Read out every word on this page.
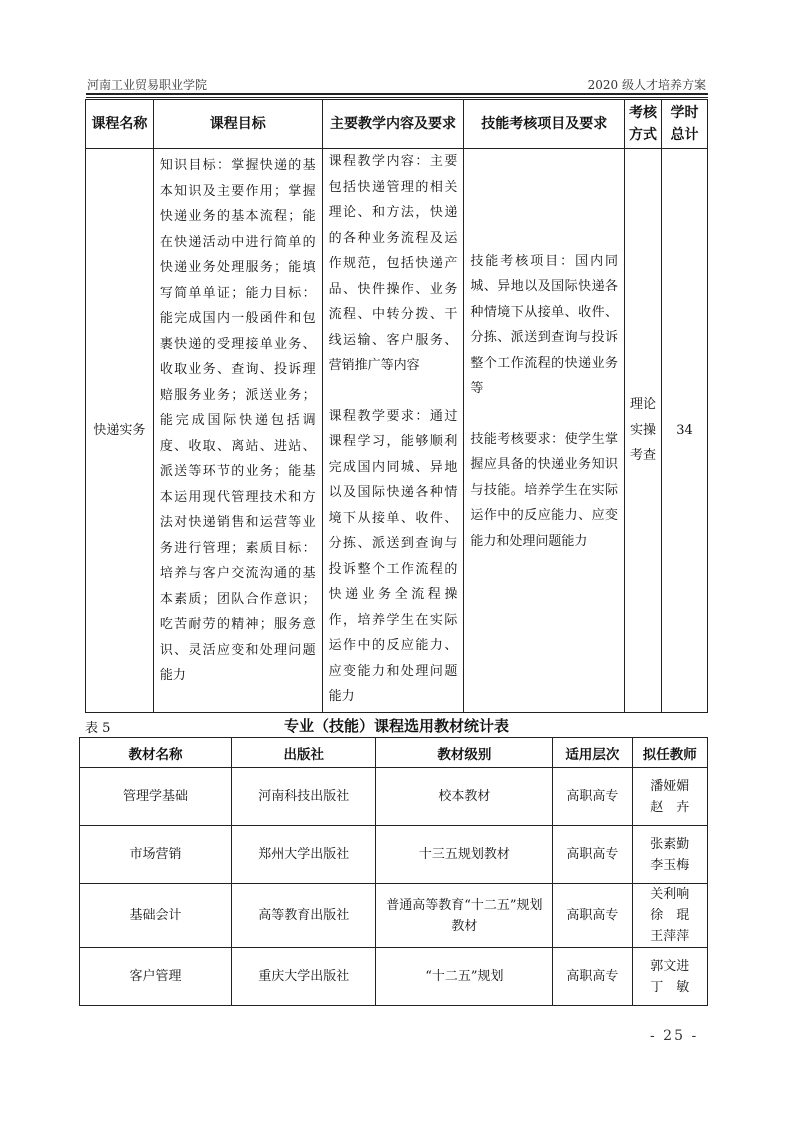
河南工业贸易职业学院	2020 级人才培养方案
课程名称	课程目标	主要教学内容及要求	技能考核项目及要求	
考核
方式

学时
总计

快递实务	知识目标：掌握快递的基本知识及主要作用；掌握快递业务的基本流程；能在快递活动中进行简单的快递业务处理服务；能填写简单单证；能力目标：能完成国内一般函件和包裹快递的受理接单业务、收取业务、查询、投诉理赔服务业务；派送业务；能完成国际快递包括调度、收取、离站、进站、派送等环节的业务；能基本运用现代管理技术和方法对快递销售和运营等业务进行管理；素质目标：培养与客户交流沟通的基本素质；团队合作意识；吃苦耐劳的精神；服务意识、灵活应变和处理问题能力	

课程教学内容：主要包括快递管理的相关理论、和方法，快递的各种业务流程及运作规范，包括快递产品、快件操作、业务流程、中转分拨、干线运输、客户服务、营销推广等内容

课程教学要求：通过课程学习，能够顺利完成国内同城、异地以及国际快递各种情境下从接单、收件、分拣、派送到查询与投诉整个工作流程的快递业务全流程操作，培养学生在实际运作中的反应能力、应变能力和处理问题能力

技能考核项目：国内同城、异地以及国际快递各种情境下从接单、收件、分拣、派送到查询与投诉整个工作流程的快递业务等

技能考核要求：使学生掌握应具备的快递业务知识与技能。培养学生在实际运作中的反应能力、应变能力和处理问题能力

理论
实操
考查
	34
表 5	专业（技能）课程选用教材统计表
教材名称	出版社	教材级别	适用层次	拟任教师
管理学基础	河南科技出版社	校本教材	高职高专	
潘娅媚
赵　卉

市场营销	郑州大学出版社	十三五规划教材	高职高专	
张素勤
李玉梅

基础会计	高等教育出版社	普通高等教育“十二五”规划教材	高职高专	
关利响
徐　琨
王萍萍

客户管理	重庆大学出版社	“十二五”规划	高职高专	
郭文进
丁　敏
- 25 -
